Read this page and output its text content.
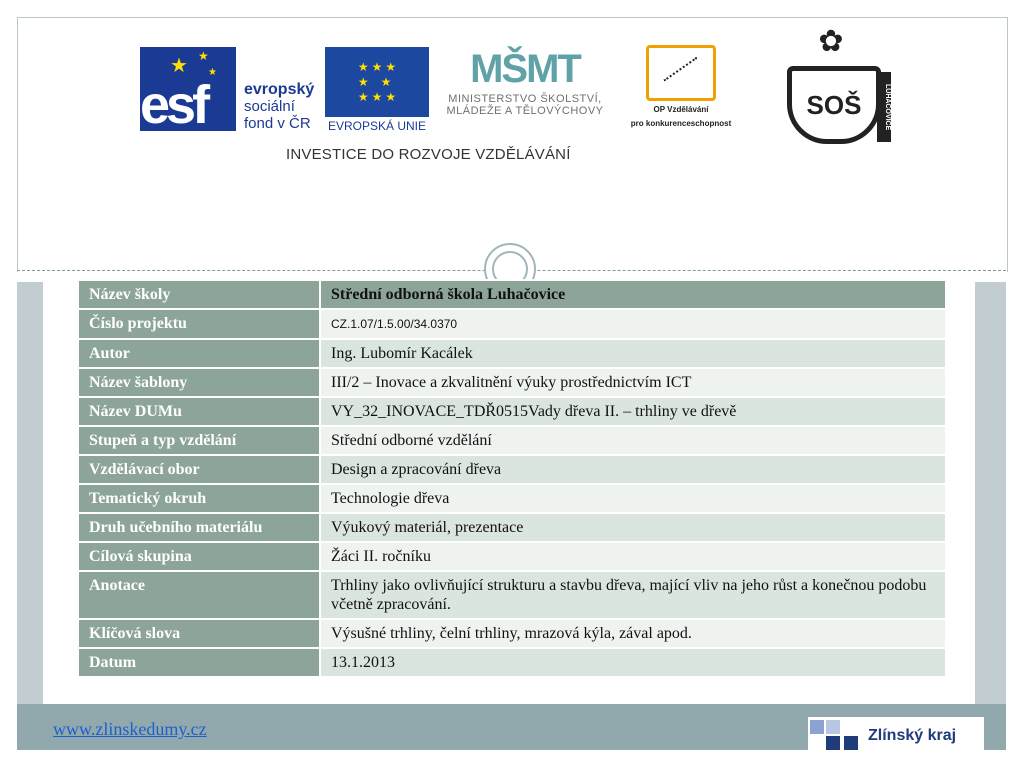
★ ★
★
esf evropský
sociální
fond v ČR
★ ★ ★
★    ★
★ ★ ★
EVROPSKÁ UNIE
MŠMT
MINISTERSTVO ŠKOLSTVÍ,
MLÁDEŽE A TĚLOVÝCHOVY	OP Vzdělávání
pro konkurenceschopnost
✿
SOŠ	LUHAČOVICE
INVESTICE DO ROZVOJE VZDĚLÁVÁNÍ
Název školy	Střední odborná škola Luhačovice
Číslo projektu	CZ.1.07/1.5.00/34.0370
Autor	Ing. Lubomír Kacálek
Název šablony	III/2 – Inovace a zkvalitnění výuky prostřednictvím ICT
Název DUMu	VY_32_INOVACE_TDŘ0515Vady dřeva II. – trhliny ve dřevě
Stupeň a typ vzdělání	Střední odborné vzdělání
Vzdělávací obor	Design a zpracování dřeva
Tematický okruh	Technologie dřeva
Druh učebního materiálu	Výukový materiál, prezentace
Cílová skupina	Žáci II. ročníku
Anotace	Trhliny jako ovlivňující strukturu a stavbu dřeva, mající vliv na jeho růst a konečnou podobu včetně zpracování.
Klíčová slova	Výsušné trhliny, čelní trhliny, mrazová kýla, zával apod.
Datum	13.1.2013
www.zlinskedumy.cz	Zlínský kraj
